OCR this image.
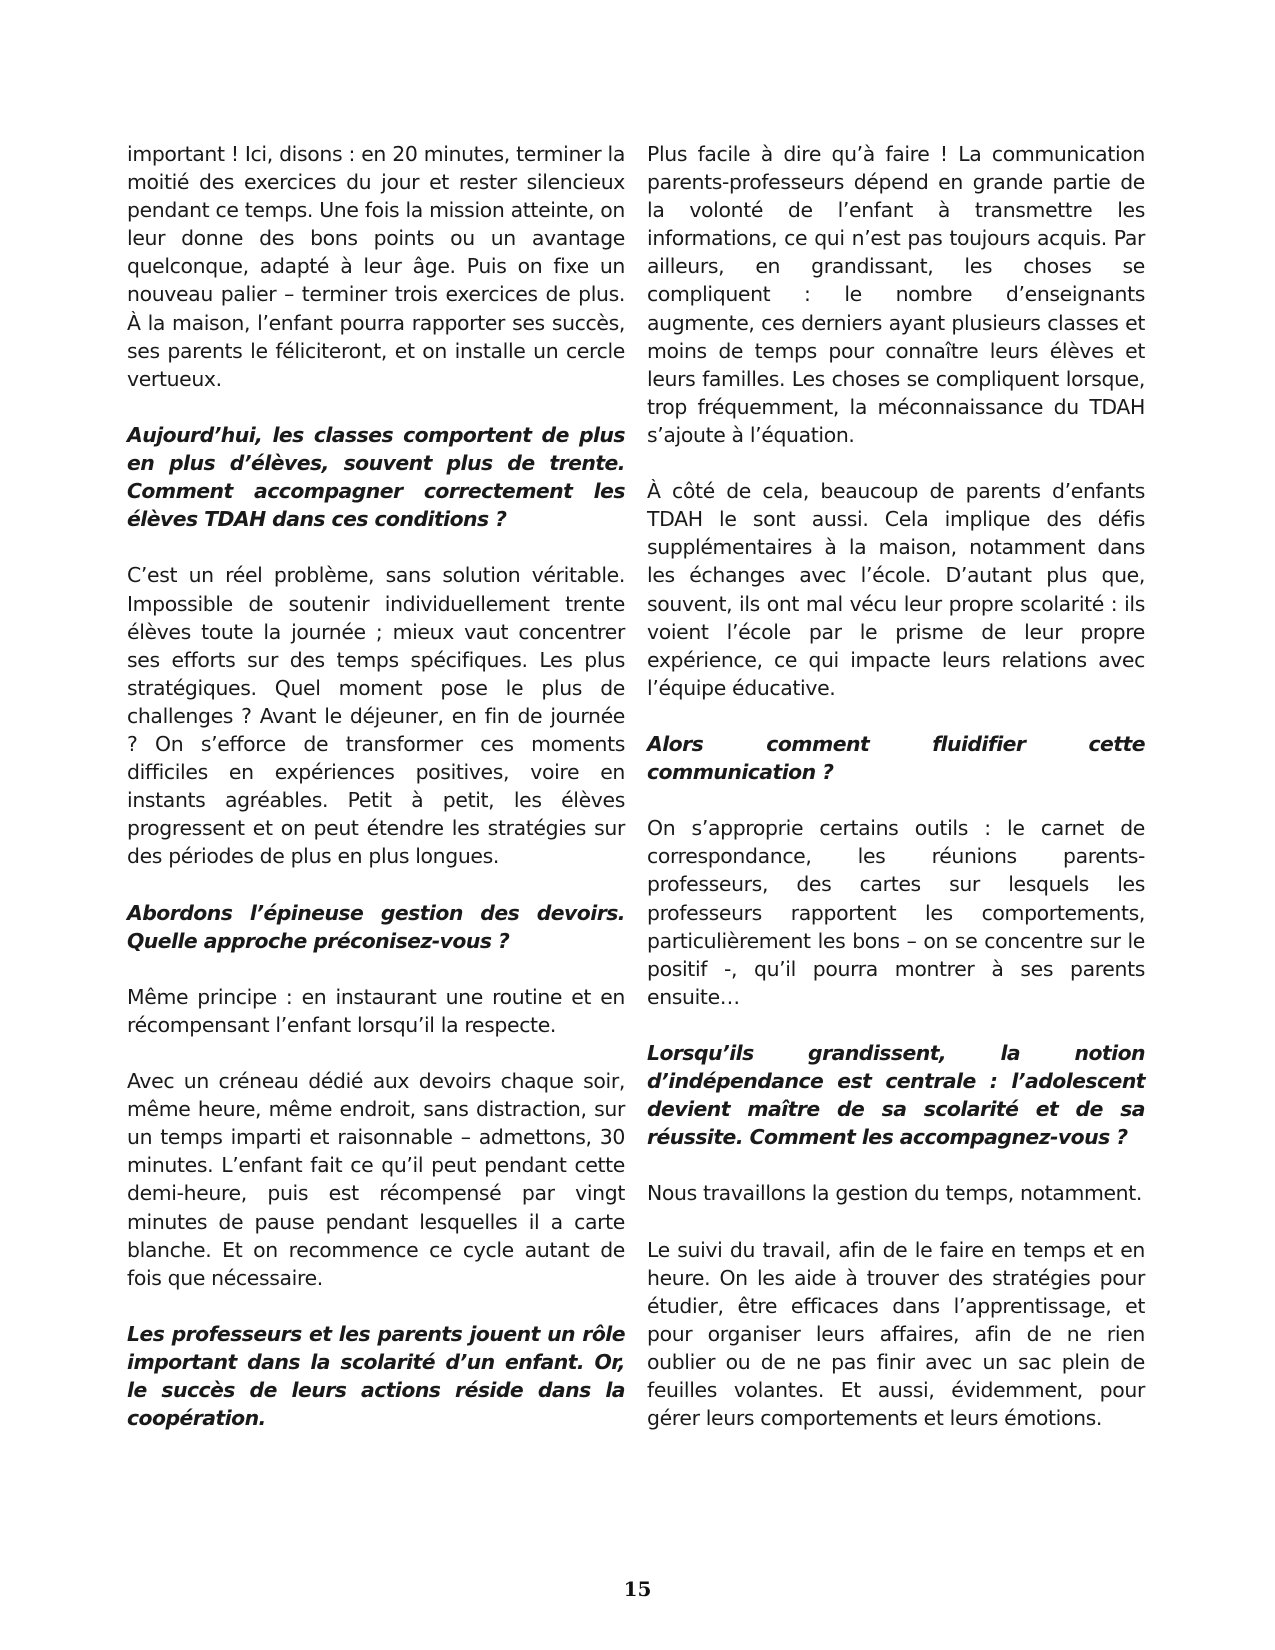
important ! Ici, disons : en 20 minutes, terminer la moitié des exercices du jour et rester silencieux pendant ce temps. Une fois la mission atteinte, on leur donne des bons points ou un avantage quelconque, adapté à leur âge. Puis on fixe un nouveau palier – terminer trois exercices de plus. À la maison, l’enfant pourra rapporter ses succès, ses parents le féliciteront, et on installe un cercle vertueux.

Aujourd’hui, les classes comportent de plus en plus d’élèves, souvent plus de trente. Comment accompagner correctement les élèves TDAH dans ces conditions ?

C’est un réel problème, sans solution véritable. Impossible de soutenir individuellement trente élèves toute la journée ; mieux vaut concentrer ses efforts sur des temps spécifiques. Les plus stratégiques. Quel moment pose le plus de challenges ? Avant le déjeuner, en fin de journée ? On s’efforce de transformer ces moments difficiles en expériences positives, voire en instants agréables. Petit à petit, les élèves progressent et on peut étendre les stratégies sur des périodes de plus en plus longues.

Abordons l’épineuse gestion des devoirs. Quelle approche préconisez-vous ?

Même principe : en instaurant une routine et en récompensant l’enfant lorsqu’il la respecte.

Avec un créneau dédié aux devoirs chaque soir, même heure, même endroit, sans distraction, sur un temps imparti et raisonnable – admettons, 30 minutes. L’enfant fait ce qu’il peut pendant cette demi-heure, puis est récompensé par vingt minutes de pause pendant lesquelles il a carte blanche. Et on recommence ce cycle autant de fois que nécessaire.

Les professeurs et les parents jouent un rôle important dans la scolarité d’un enfant. Or, le succès de leurs actions réside dans la coopération.

Plus facile à dire qu’à faire ! La communication parents-professeurs dépend en grande partie de la volonté de l’enfant à transmettre les informations, ce qui n’est pas toujours acquis. Par ailleurs, en grandissant, les choses se compliquent : le nombre d’enseignants augmente, ces derniers ayant plusieurs classes et moins de temps pour connaître leurs élèves et leurs familles. Les choses se compliquent lorsque, trop fréquemment, la méconnaissance du TDAH s’ajoute à l’équation.

À côté de cela, beaucoup de parents d’enfants TDAH le sont aussi. Cela implique des défis supplémentaires à la maison, notamment dans les échanges avec l’école. D’autant plus que, souvent, ils ont mal vécu leur propre scolarité : ils voient l’école par le prisme de leur propre expérience, ce qui impacte leurs relations avec l’équipe éducative.

Alors comment fluidifier cette communication ?

On s’approprie certains outils : le carnet de correspondance, les réunions parents-professeurs, des cartes sur lesquels les professeurs rapportent les comportements, particulièrement les bons – on se concentre sur le positif -, qu’il pourra montrer à ses parents ensuite…

Lorsqu’ils grandissent, la notion d’indépendance est centrale : l’adolescent devient maître de sa scolarité et de sa réussite. Comment les accompagnez-vous ?

Nous travaillons la gestion du temps, notamment.

Le suivi du travail, afin de le faire en temps et en heure. On les aide à trouver des stratégies pour étudier, être efficaces dans l’apprentissage, et pour organiser leurs affaires, afin de ne rien oublier ou de ne pas finir avec un sac plein de feuilles volantes. Et aussi, évidemment, pour gérer leurs comportements et leurs émotions.

15
